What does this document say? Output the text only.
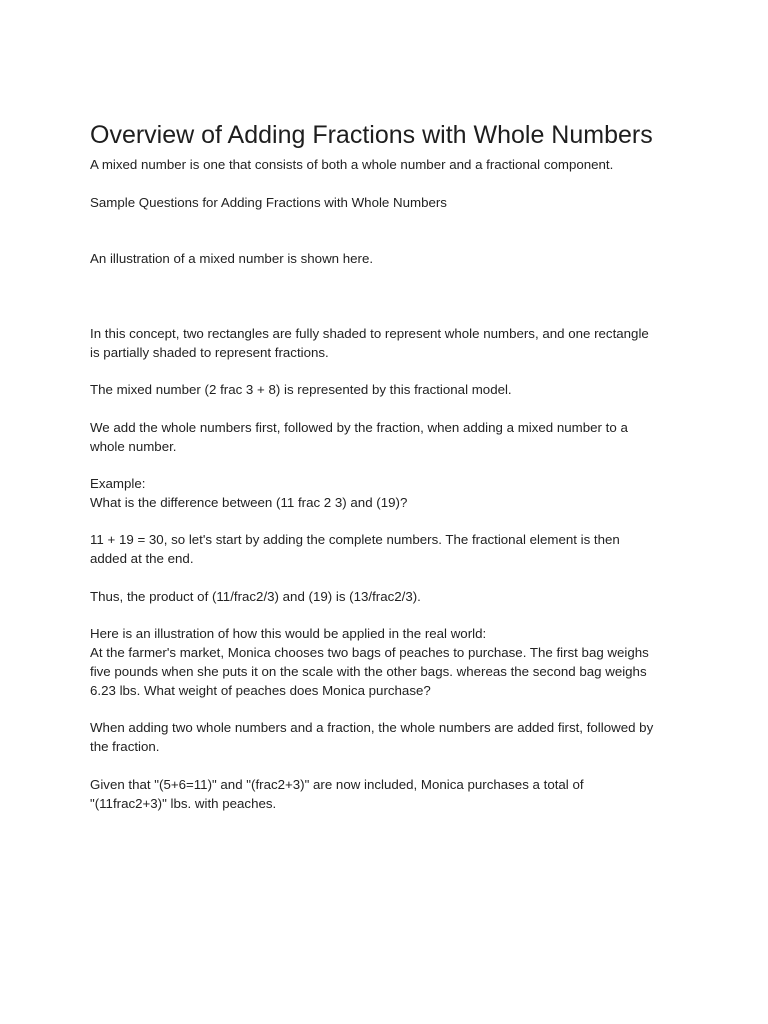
Overview of Adding Fractions with Whole Numbers

A mixed number is one that consists of both a whole number and a fractional component.

Sample Questions for Adding Fractions with Whole Numbers

An illustration of a mixed number is shown here.

In this concept, two rectangles are fully shaded to represent whole numbers, and one rectangle

is partially shaded to represent fractions.

The mixed number (2 frac 3 + 8) is represented by this fractional model.

We add the whole numbers first, followed by the fraction, when adding a mixed number to a

whole number.

Example:

What is the difference between (11 frac 2 3) and (19)?

11 + 19 = 30, so let's start by adding the complete numbers. The fractional element is then

added at the end.

Thus, the product of (11/frac2/3) and (19) is (13/frac2/3).

Here is an illustration of how this would be applied in the real world:

At the farmer's market, Monica chooses two bags of peaches to purchase. The first bag weighs

five pounds when she puts it on the scale with the other bags. whereas the second bag weighs

6.23 lbs. What weight of peaches does Monica purchase?

When adding two whole numbers and a fraction, the whole numbers are added first, followed by

the fraction.

Given that "(5+6=11)" and "(frac2+3)" are now included, Monica purchases a total of

"(11frac2+3)" lbs. with peaches.
